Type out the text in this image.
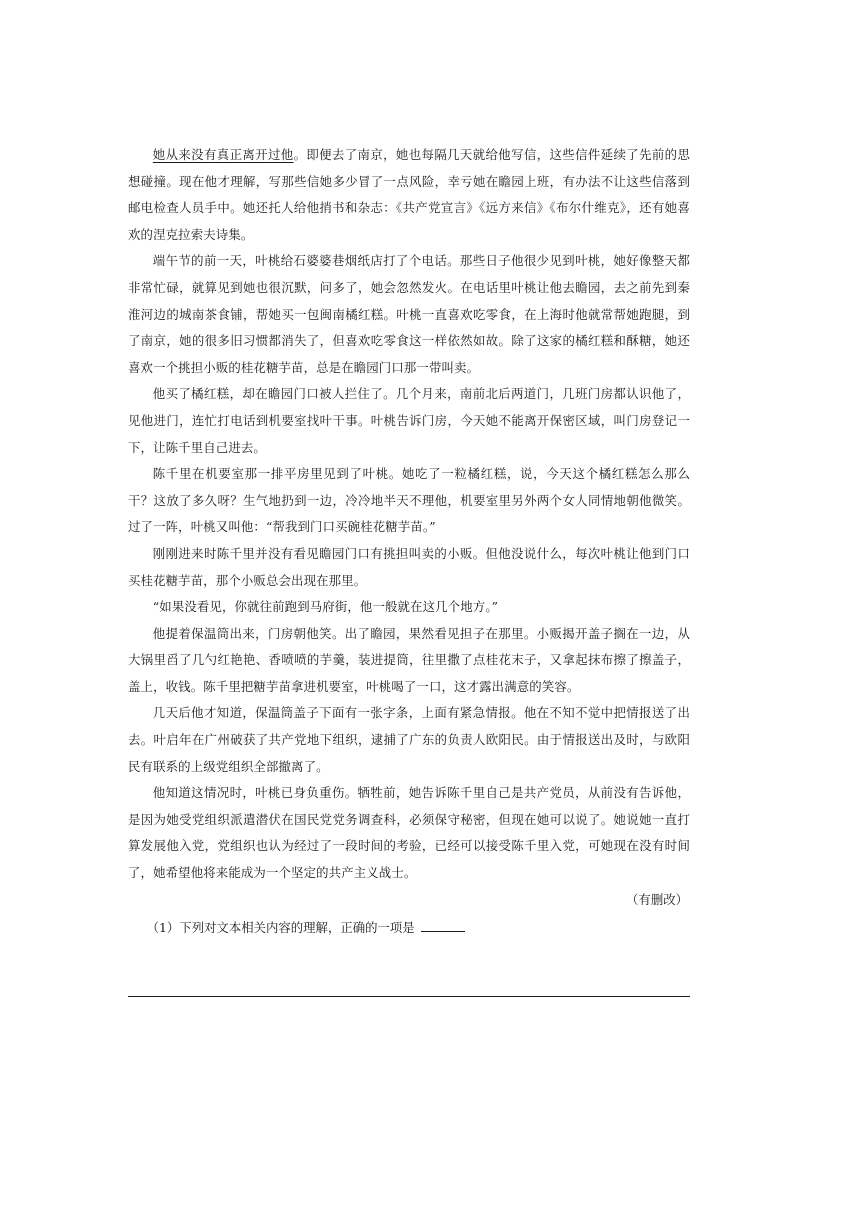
她从来没有真正离开过他。即便去了南京，她也每隔几天就给他写信，这些信件延续了先前的思想碰撞。现在他才理解，写那些信她多少冒了一点风险，幸亏她在瞻园上班，有办法不让这些信落到邮电检查人员手中。她还托人给他捎书和杂志：《共产党宣言》《远方来信》《布尔什维克》，还有她喜欢的涅克拉索夫诗集。

端午节的前一天，叶桃给石婆婆巷烟纸店打了个电话。那些日子他很少见到叶桃，她好像整天都非常忙碌，就算见到她也很沉默，问多了，她会忽然发火。在电话里叶桃让他去瞻园，去之前先到秦淮河边的城南茶食铺，帮她买一包闽南橘红糕。叶桃一直喜欢吃零食，在上海时他就常帮她跑腿，到了南京，她的很多旧习惯都消失了，但喜欢吃零食这一样依然如故。除了这家的橘红糕和酥糖，她还喜欢一个挑担小贩的桂花糖芋苗，总是在瞻园门口那一带叫卖。

他买了橘红糕，却在瞻园门口被人拦住了。几个月来，南前北后两道门，几班门房都认识他了，见他进门，连忙打电话到机要室找叶干事。叶桃告诉门房，今天她不能离开保密区域，叫门房登记一下，让陈千里自己进去。

陈千里在机要室那一排平房里见到了叶桃。她吃了一粒橘红糕，说，今天这个橘红糕怎么那么干？这放了多久呀？生气地扔到一边，冷冷地半天不理他，机要室里另外两个女人同情地朝他微笑。过了一阵，叶桃又叫他：“帮我到门口买碗桂花糖芋苗。”

刚刚进来时陈千里并没有看见瞻园门口有挑担叫卖的小贩。但他没说什么，每次叶桃让他到门口买桂花糖芋苗，那个小贩总会出现在那里。

“如果没看见，你就往前跑到马府街，他一般就在这几个地方。”

他提着保温筒出来，门房朝他笑。出了瞻园，果然看见担子在那里。小贩揭开盖子搁在一边，从大锅里舀了几勺红艳艳、香喷喷的芋羹，装进提筒，往里撒了点桂花末子，又拿起抹布擦了擦盖子，盖上，收钱。陈千里把糖芋苗拿进机要室，叶桃喝了一口，这才露出满意的笑容。

几天后他才知道，保温筒盖子下面有一张字条，上面有紧急情报。他在不知不觉中把情报送了出去。叶启年在广州破获了共产党地下组织，逮捕了广东的负责人欧阳民。由于情报送出及时，与欧阳民有联系的上级党组织全部撤离了。

他知道这情况时，叶桃已身负重伤。牺牲前，她告诉陈千里自己是共产党员，从前没有告诉他，是因为她受党组织派遣潜伏在国民党党务调查科，必须保守秘密，但现在她可以说了。她说她一直打算发展他入党，党组织也认为经过了一段时间的考验，已经可以接受陈千里入党，可她现在没有时间了，她希望他将来能成为一个坚定的共产主义战士。

（有删改）

（1）下列对文本相关内容的理解，正确的一项是
